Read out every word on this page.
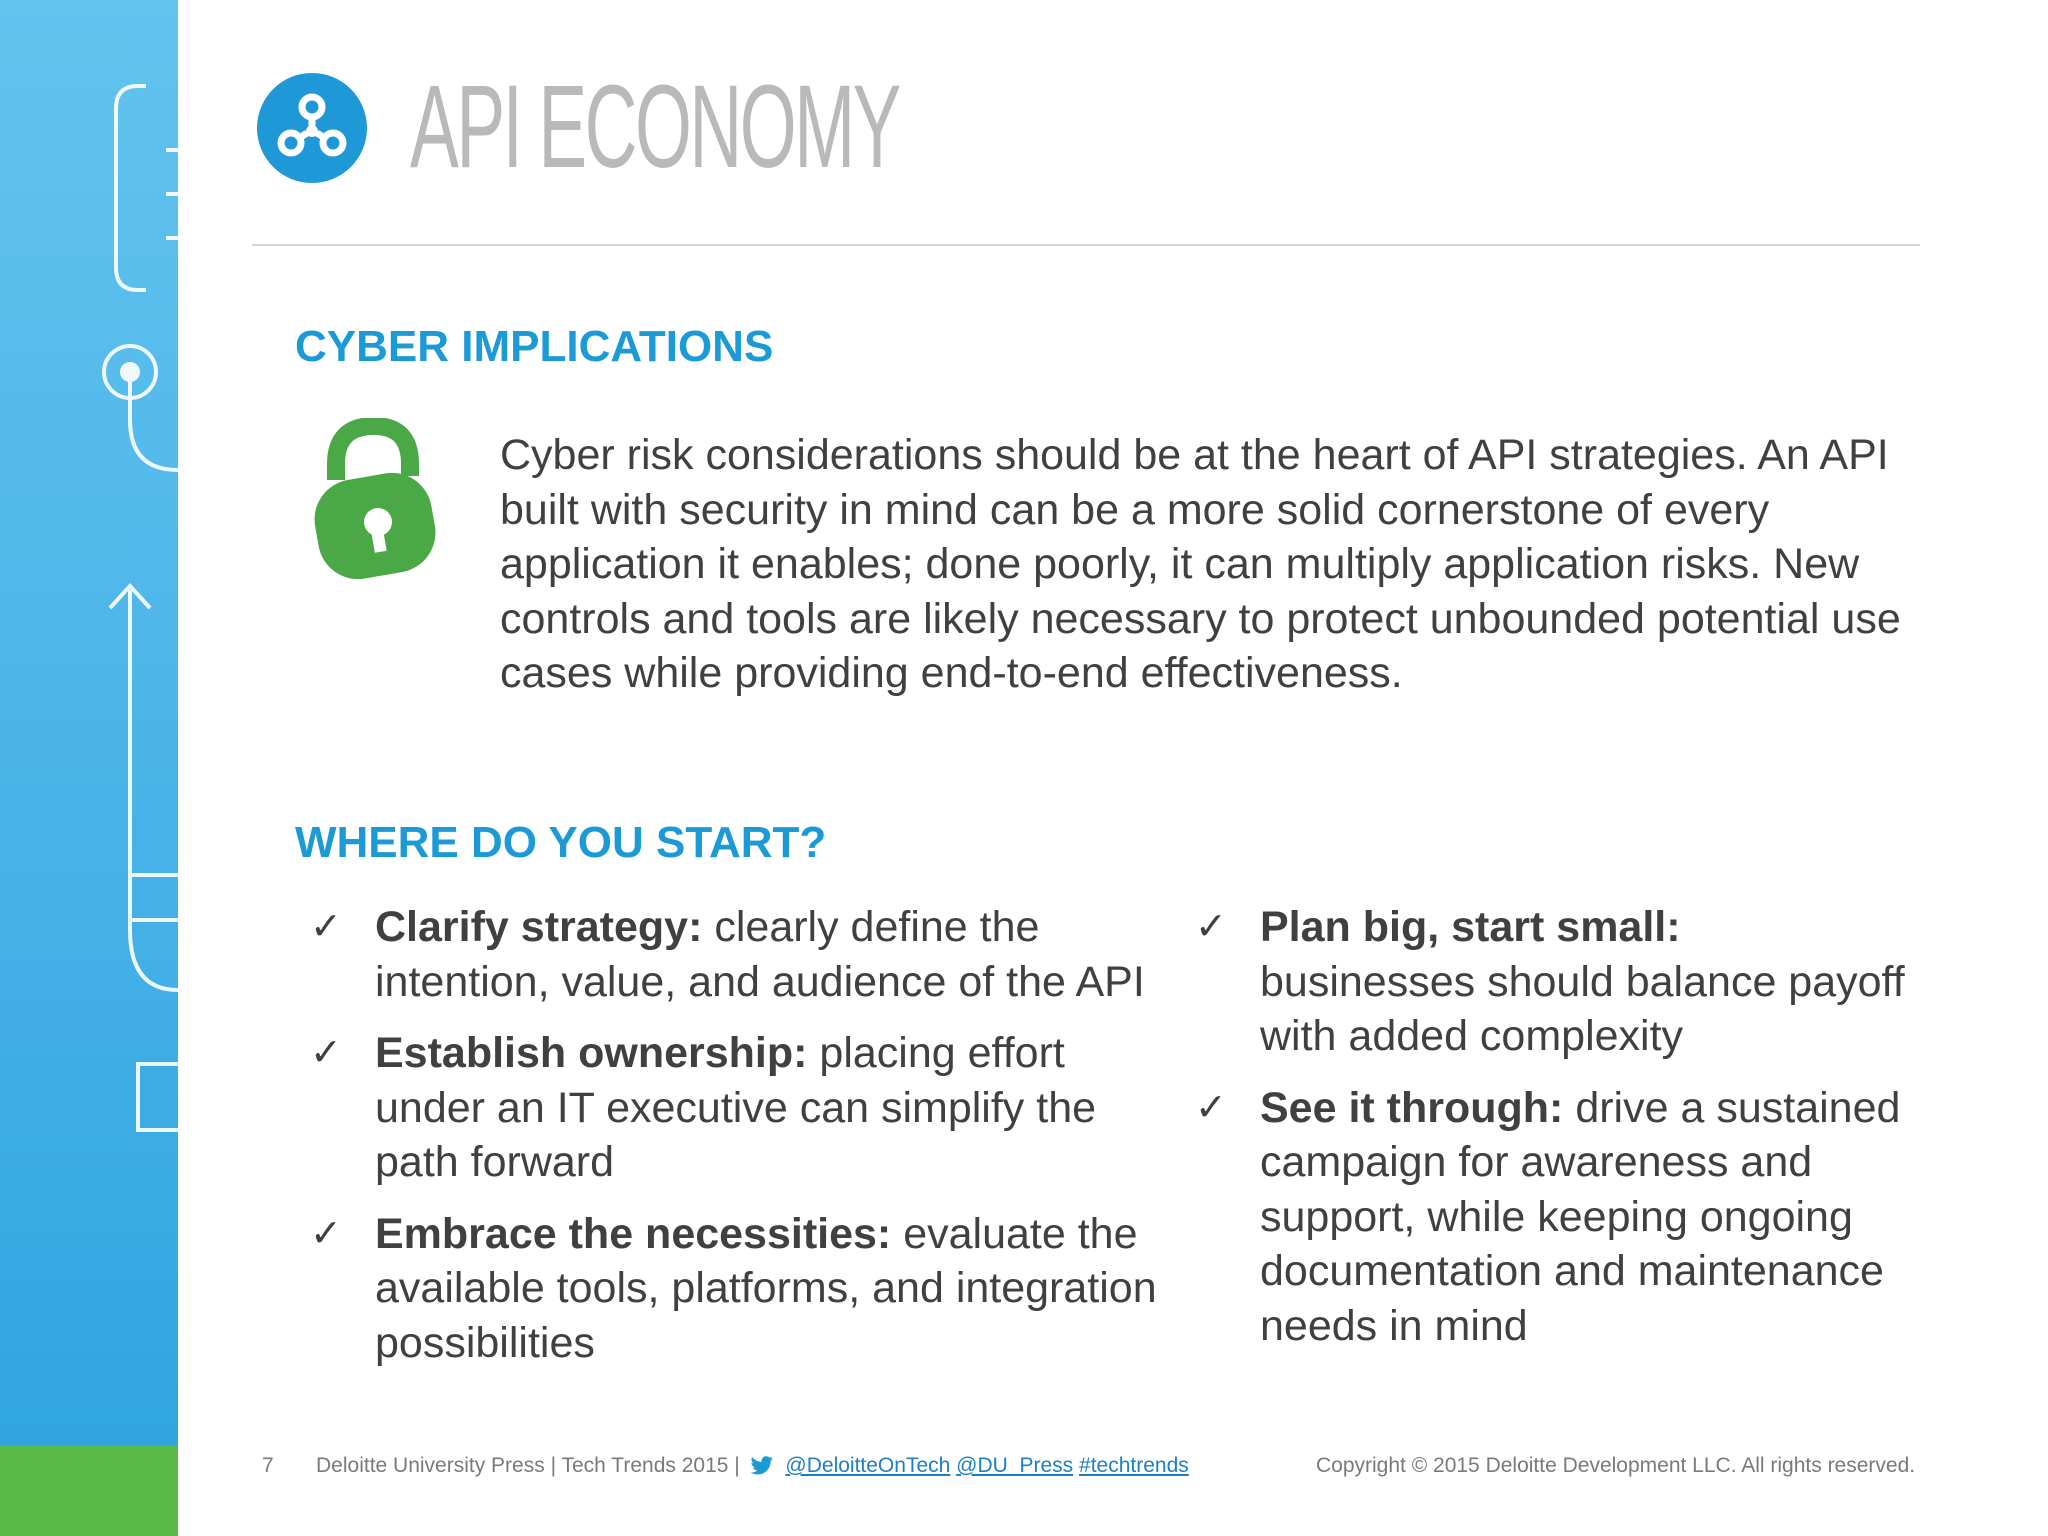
API ECONOMY
CYBER IMPLICATIONS

Cyber risk considerations should be at the heart of API strategies. An API built with security in mind can be a more solid cornerstone of every application it enables; done poorly, it can multiply application risks. New controls and tools are likely necessary to protect unbounded potential use cases while providing end-to-end effectiveness.

WHERE DO YOU START?
✓ Clarify strategy: clearly define the intention, value, and audience of the API
✓ Establish ownership: placing effort under an IT executive can simplify the path forward
✓ Embrace the necessities: evaluate the available tools, platforms, and integration possibilities
✓ Plan big, start small:
businesses should balance payoff with added complexity
✓ See it through: drive a sustained campaign for awareness and support, while keeping ongoing documentation and maintenance needs in mind
7 Deloitte University Press | Tech Trends 2015 | @DeloitteOnTech @DU_Press #techtrends	Copyright © 2015 Deloitte Development LLC. All rights reserved.
